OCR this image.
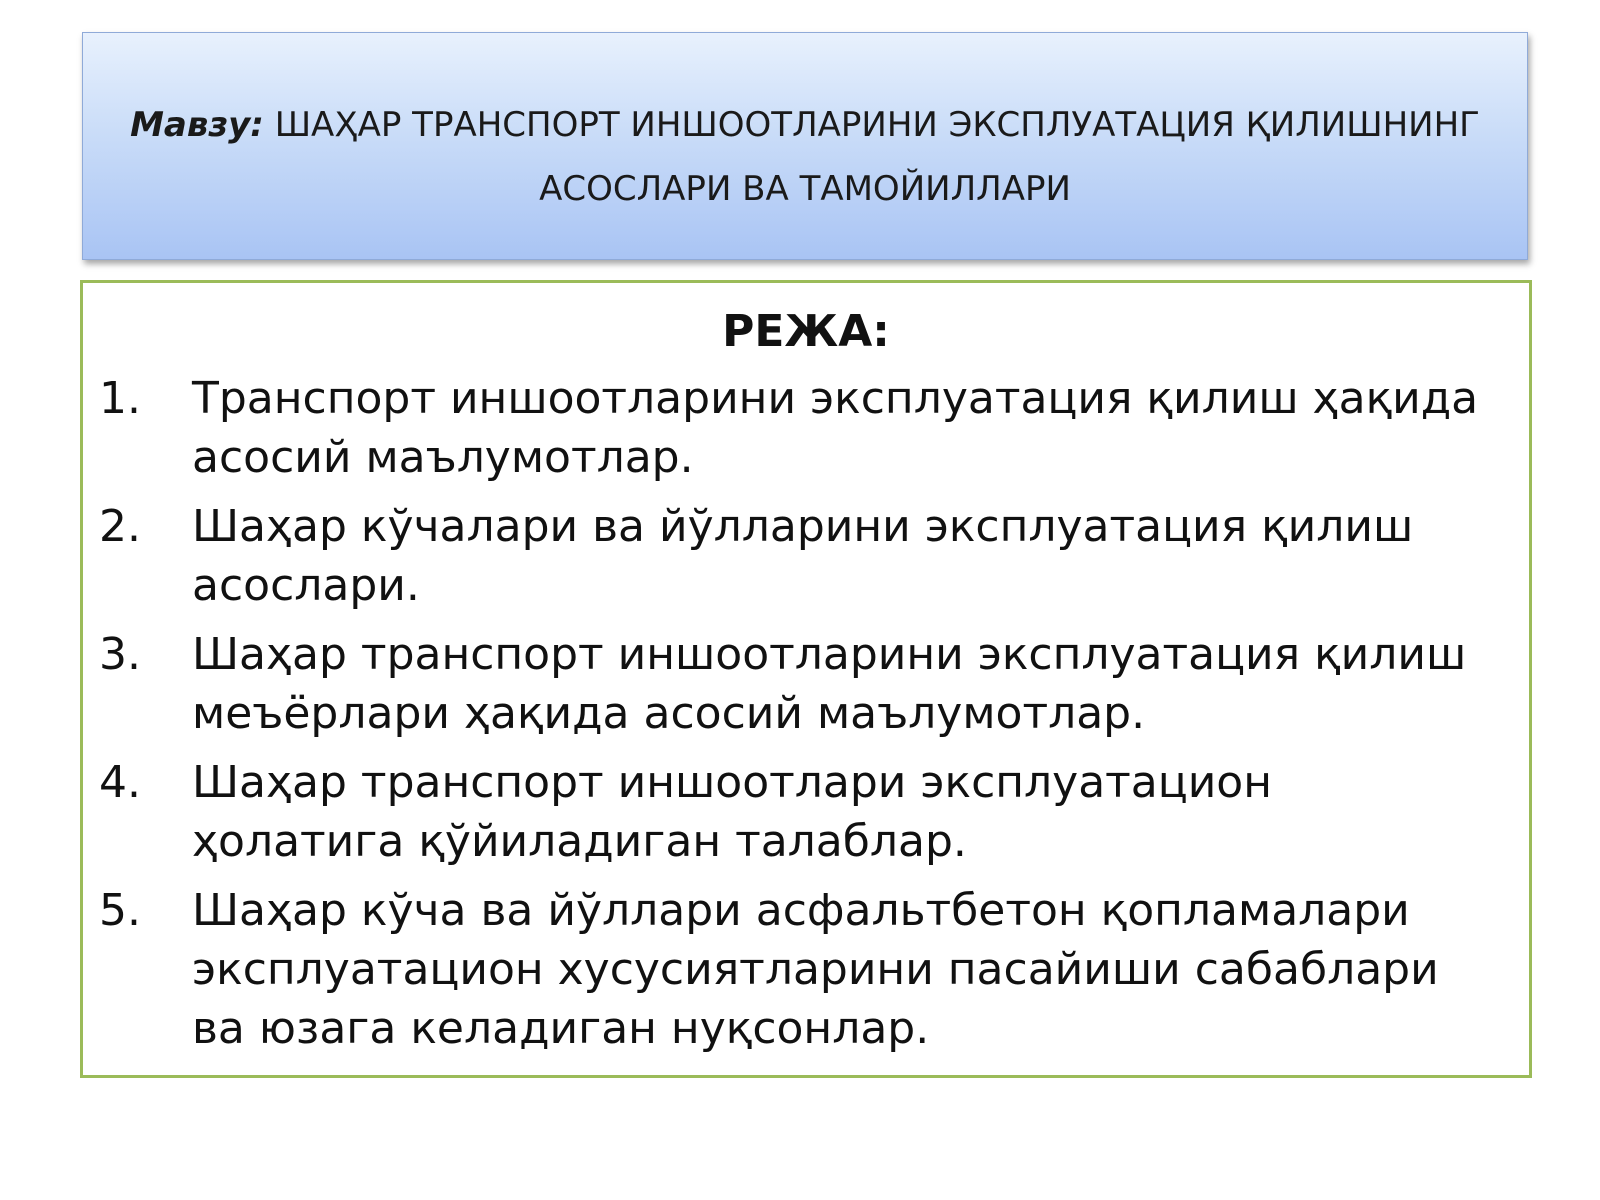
Мавзу: ШАҲАР ТРАНСПОРТ ИНШООТЛАРИНИ ЭКСПЛУАТАЦИЯ ҚИЛИШНИНГ АСОСЛАРИ ВА ТАМОЙИЛЛАРИ
РЕЖА:
1.	Транспорт иншоотларини эксплуатация қилиш ҳақида асосий маълумотлар.
2.	Шаҳар кўчалари ва йўлларини эксплуатация қилиш асослари.
3.	Шаҳар транспорт иншоотларини эксплуатация қилиш меъёрлари ҳақида асосий маълумотлар.
4.	Шаҳар транспорт иншоотлари эксплуатацион ҳолатига қўйиладиган талаблар.
5.	Шаҳар кўча ва йўллари асфальтбетон қопламалари эксплуатацион хусусиятларини пасайиши сабаблари ва юзага келадиган нуқсонлар.
